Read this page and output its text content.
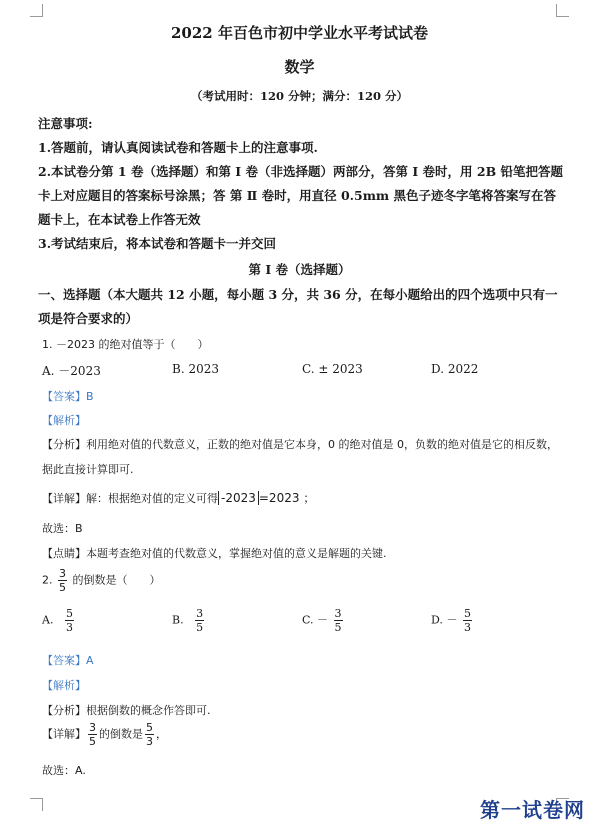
2022 年百色市初中学业水平考试试卷
数学
（考试用时：120 分钟；满分：120 分）
注意事项:
1.答题前，请认真阅读试卷和答题卡上的注意事项.
2.本试卷分第 1 卷（选择题）和第 I 卷（非选择题）两部分，答第 I 卷时，用 2B 铅笔把答题
卡上对应题目的答案标号涂黑；答 第 Ⅱ 卷时，用直径 0.5mm 黑色子迹冬字笔将答案写在答
题卡上，在本试卷上作答无效
3.考试结束后，将本试卷和答题卡一并交回
第 I 卷（选择题）
一、选择题（本大题共 12 小题，每小题 3 分，共 36 分，在每小题给出的四个选项中只有一
项是符合要求的）
1. －2023 的绝对值等于（　　）
A. －2023	B. 2023	C. ± 2023	D. 2022
【答案】B
【解析】
【分析】利用绝对值的代数意义，正数的绝对值是它本身，0 的绝对值是 0，负数的绝对值是它的相反数，
据此直接计算即可.
【详解】解：根据绝对值的定义可得 -2023 =2023 ；
故选：B
【点睛】本题考查绝对值的代数意义，掌握绝对值的意义是解题的关键.
2. $\frac{3}{5}$ 的倒数是（　　）
A. $\frac{5}{3}$	B. $\frac{3}{5}$	C. － $\frac{3}{5}$	D. － $\frac{5}{3}$
【答案】A
【解析】
【分析】根据倒数的概念作答即可.
【详解】 $\frac{3}{5}$ 的倒数是 $\frac{5}{3}$ ，
故选：A.
第一试卷网
